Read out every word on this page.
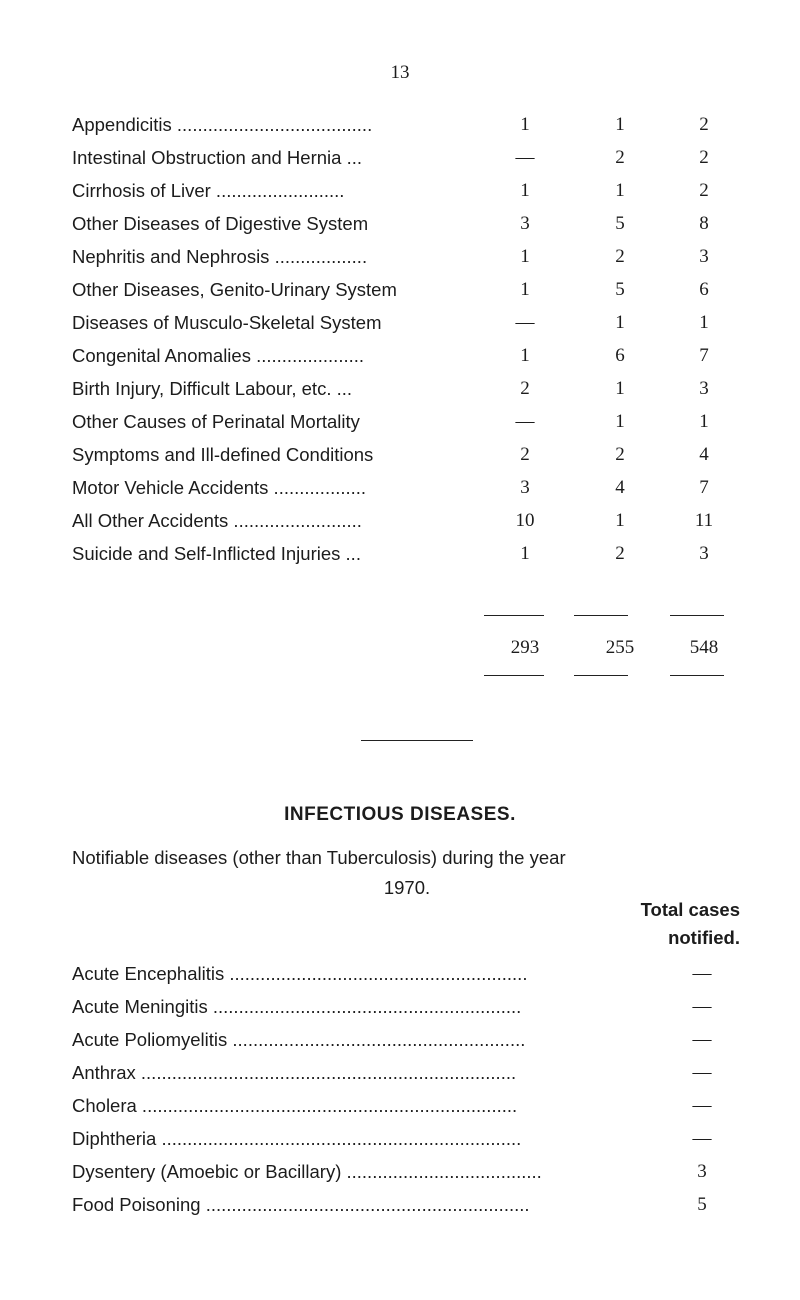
13
Appendicitis ......................................	1	1	2
Intestinal Obstruction and Hernia ...	—	2	2
Cirrhosis of Liver .........................	1	1	2
Other Diseases of Digestive System	3	5	8
Nephritis and Nephrosis ..................	1	2	3
Other Diseases, Genito-Urinary System	1	5	6
Diseases of Musculo-Skeletal System	—	1	1
Congenital Anomalies .....................	1	6	7
Birth Injury, Difficult Labour, etc. ...	2	1	3
Other Causes of Perinatal Mortality	—	1	1
Symptoms and Ill-defined Conditions	2	2	4
Motor Vehicle Accidents ..................	3	4	7
All Other Accidents .........................	10	1	11
Suicide and Self-Inflicted Injuries ...	1	2	3
293	255	548
INFECTIOUS DISEASES.
Notifiable diseases (other than Tuberculosis) during the year
1970.
Total cases
notified.
Acute Encephalitis ..........................................................	—
Acute Meningitis ............................................................	—
Acute Poliomyelitis .........................................................	—
Anthrax .........................................................................	—
Cholera .........................................................................	—
Diphtheria ......................................................................	—
Dysentery (Amoebic or Bacillary) ......................................	3
Food Poisoning ...............................................................	5
